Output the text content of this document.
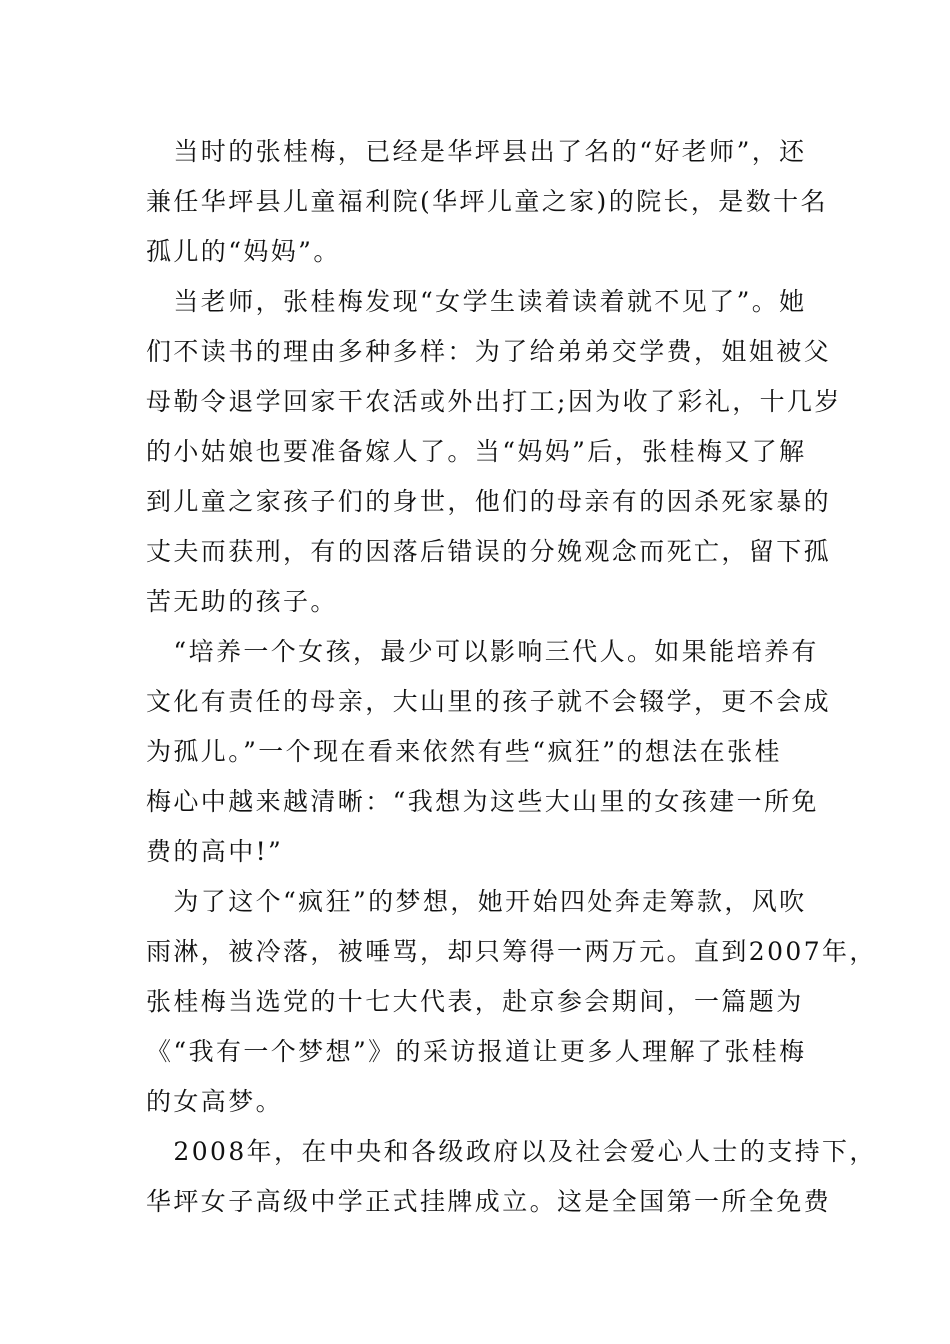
　当时的张桂梅，已经是华坪县出了名的“好老师”，还
兼任华坪县儿童福利院(华坪儿童之家)的院长，是数十名
孤儿的“妈妈”。
　当老师，张桂梅发现“女学生读着读着就不见了”。她
们不读书的理由多种多样：为了给弟弟交学费，姐姐被父
母勒令退学回家干农活或外出打工;因为收了彩礼，十几岁
的小姑娘也要准备嫁人了。当“妈妈”后，张桂梅又了解
到儿童之家孩子们的身世，他们的母亲有的因杀死家暴的
丈夫而获刑，有的因落后错误的分娩观念而死亡，留下孤
苦无助的孩子。
　“培养一个女孩，最少可以影响三代人。如果能培养有
文化有责任的母亲，大山里的孩子就不会辍学，更不会成
为孤儿。”一个现在看来依然有些“疯狂”的想法在张桂
梅心中越来越清晰：“我想为这些大山里的女孩建一所免
费的高中!”
　为了这个“疯狂”的梦想，她开始四处奔走筹款，风吹
雨淋，被冷落，被唾骂，却只筹得一两万元。直到2007年，
张桂梅当选党的十七大代表，赴京参会期间，一篇题为
《“我有一个梦想”》的采访报道让更多人理解了张桂梅
的女高梦。
　2008年，在中央和各级政府以及社会爱心人士的支持下，
华坪女子高级中学正式挂牌成立。这是全国第一所全免费
